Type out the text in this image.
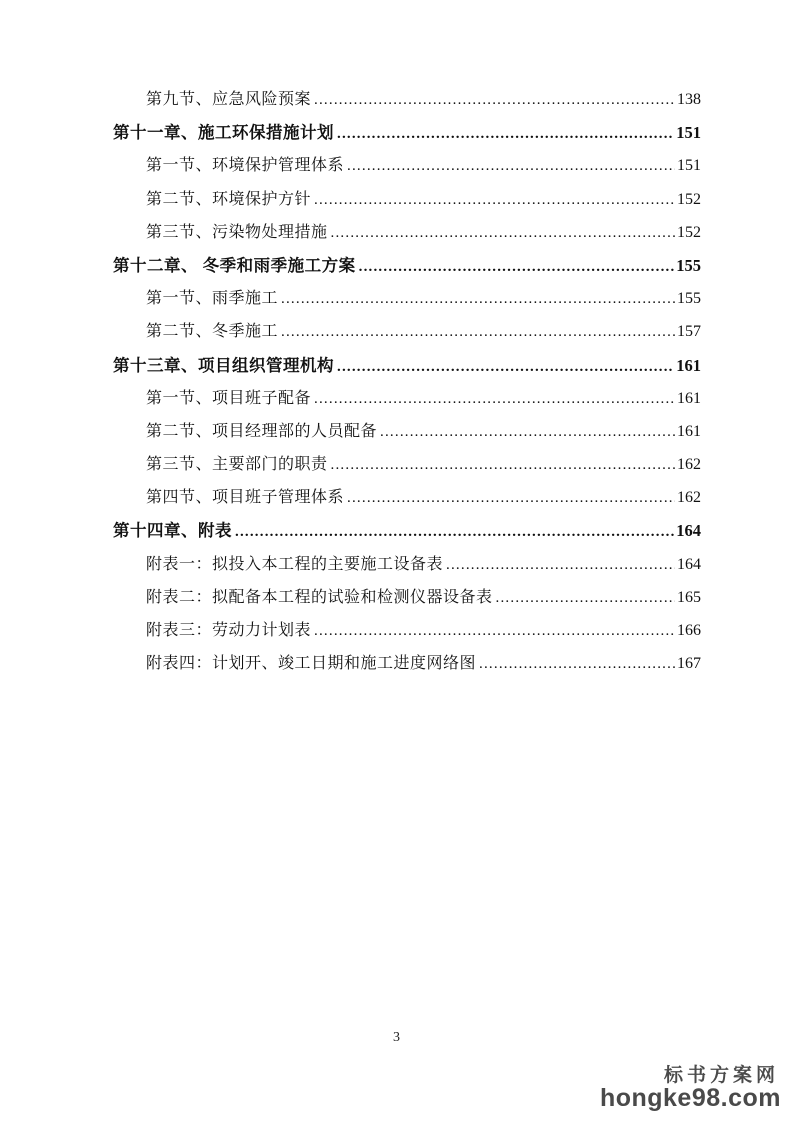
第九节、应急风险预案 .....	138
第十一章、施工环保措施计划 .....	151
第一节、环境保护管理体系 .....	151
第二节、环境保护方针 .....	152
第三节、污染物处理措施 .....	152
第十二章、 冬季和雨季施工方案 .....	155
第一节、雨季施工 .....	155
第二节、冬季施工 .....	157
第十三章、项目组织管理机构 .....	161
第一节、项目班子配备 .....	161
第二节、项目经理部的人员配备 .....	161
第三节、主要部门的职责 .....	162
第四节、项目班子管理体系 .....	162
第十四章、附表 .....	164
附表一：拟投入本工程的主要施工设备表 .....	164
附表二：拟配备本工程的试验和检测仪器设备表 .....	165
附表三：劳动力计划表 .....	166
附表四：计划开、竣工日期和施工进度网络图 .....	167
3
标书方案网
hongke98.com
